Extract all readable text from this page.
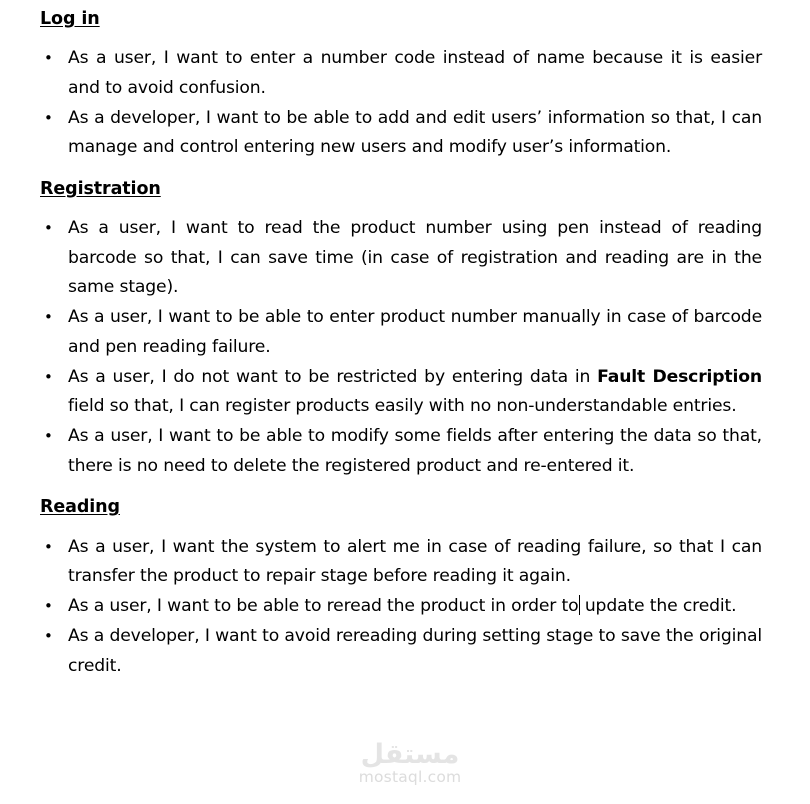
Log in
• As a user, I want to enter a number code instead of name because it is easier and to avoid confusion.
• As a developer, I want to be able to add and edit users’ information so that, I can manage and control entering new users and modify user’s information.
Registration
• As a user, I want to read the product number using pen instead of reading barcode so that, I can save time (in case of registration and reading are in the same stage).
• As a user, I want to be able to enter product number manually in case of barcode and pen reading failure.
• As a user, I do not want to be restricted by entering data in Fault Description field so that, I can register products easily with no non-understandable entries.
• As a user, I want to be able to modify some fields after entering the data so that, there is no need to delete the registered product and re-entered it.
Reading
• As a user, I want the system to alert me in case of reading failure, so that I can transfer the product to repair stage before reading it again.
• As a user, I want to be able to reread the product in order to update the credit.
• As a developer, I want to avoid rereading during setting stage to save the original credit.
مستقل
mostaql.com
